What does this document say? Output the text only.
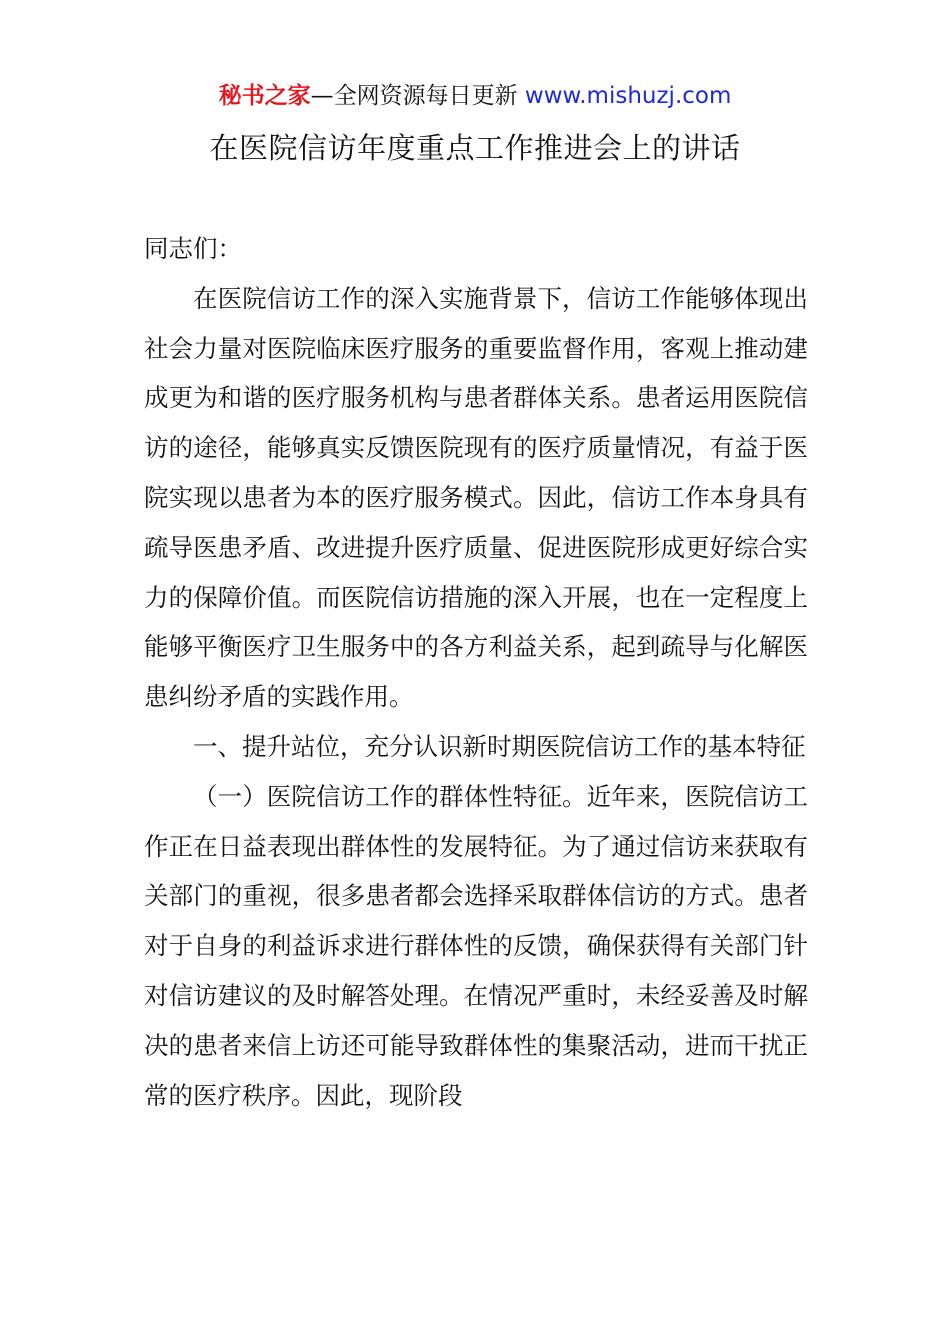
秘书之家—全网资源每日更新 www.mishuzj.com
在医院信访年度重点工作推进会上的讲话

同志们：

在医院信访工作的深入实施背景下，信访工作能够体现出社会力量对医院临床医疗服务的重要监督作用，客观上推动建成更为和谐的医疗服务机构与患者群体关系。患者运用医院信访的途径，能够真实反馈医院现有的医疗质量情况，有益于医院实现以患者为本的医疗服务模式。因此，信访工作本身具有疏导医患矛盾、改进提升医疗质量、促进医院形成更好综合实力的保障价值。而医院信访措施的深入开展，也在一定程度上能够平衡医疗卫生服务中的各方利益关系，起到疏导与化解医患纠纷矛盾的实践作用。

一、提升站位，充分认识新时期医院信访工作的基本特征

（一）医院信访工作的群体性特征。近年来，医院信访工作正在日益表现出群体性的发展特征。为了通过信访来获取有关部门的重视，很多患者都会选择采取群体信访的方式。患者对于自身的利益诉求进行群体性的反馈，确保获得有关部门针对信访建议的及时解答处理。在情况严重时，未经妥善及时解决的患者来信上访还可能导致群体性的集聚活动，进而干扰正常的医疗秩序。因此，现阶段
